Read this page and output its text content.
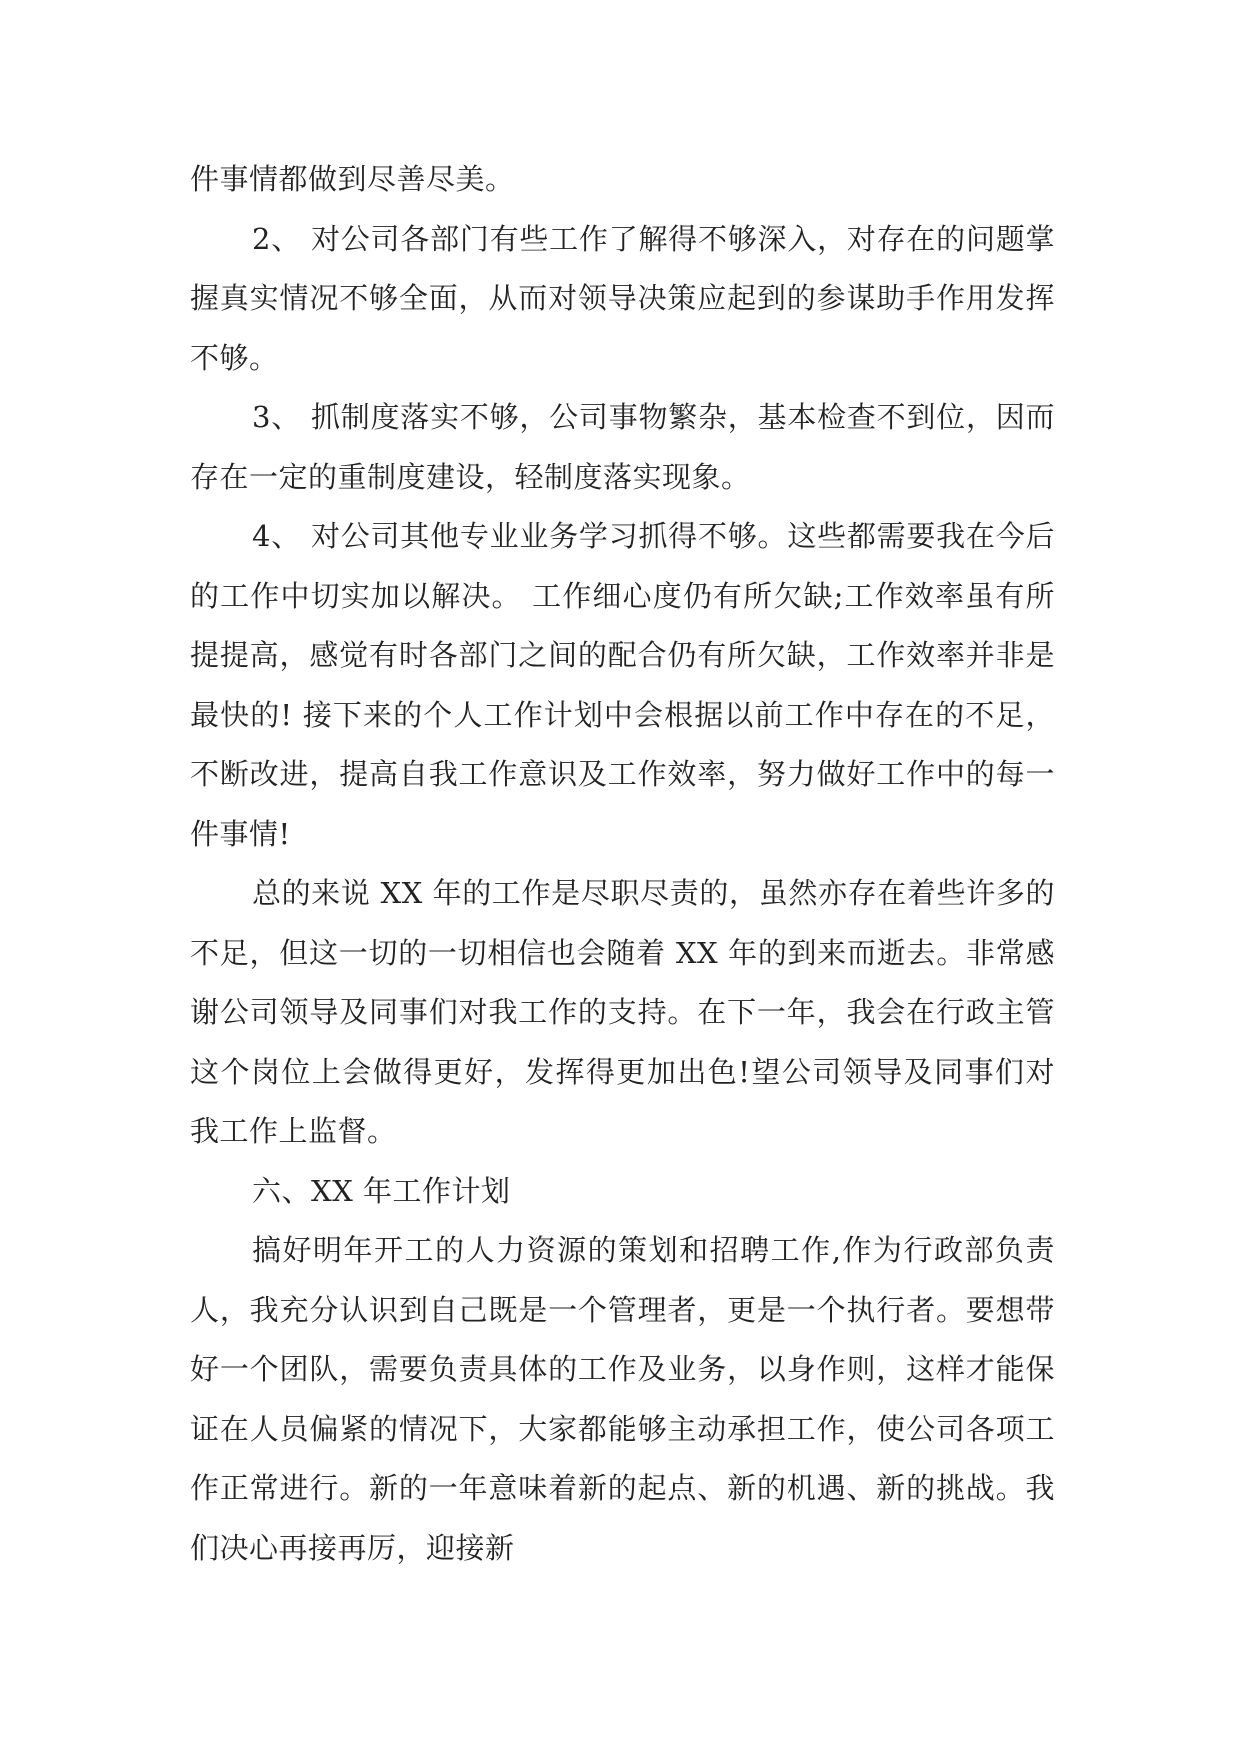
件事情都做到尽善尽美。

2、 对公司各部门有些工作了解得不够深入，对存在的问题掌握真实情况不够全面，从而对领导决策应起到的参谋助手作用发挥不够。

3、 抓制度落实不够，公司事物繁杂，基本检查不到位，因而存在一定的重制度建设，轻制度落实现象。

4、 对公司其他专业业务学习抓得不够。这些都需要我在今后的工作中切实加以解决。 工作细心度仍有所欠缺;工作效率虽有所提提高，感觉有时各部门之间的配合仍有所欠缺，工作效率并非是最快的! 接下来的个人工作计划中会根据以前工作中存在的不足，不断改进，提高自我工作意识及工作效率，努力做好工作中的每一件事情!

总的来说 XX 年的工作是尽职尽责的，虽然亦存在着些许多的不足，但这一切的一切相信也会随着 XX 年的到来而逝去。非常感谢公司领导及同事们对我工作的支持。在下一年，我会在行政主管这个岗位上会做得更好，发挥得更加出色!望公司领导及同事们对我工作上监督。

六、XX 年工作计划

搞好明年开工的人力资源的策划和招聘工作,作为行政部负责人，我充分认识到自己既是一个管理者，更是一个执行者。要想带好一个团队，需要负责具体的工作及业务，以身作则，这样才能保证在人员偏紧的情况下，大家都能够主动承担工作，使公司各项工作正常进行。新的一年意味着新的起点、新的机遇、新的挑战。我们决心再接再厉，迎接新
